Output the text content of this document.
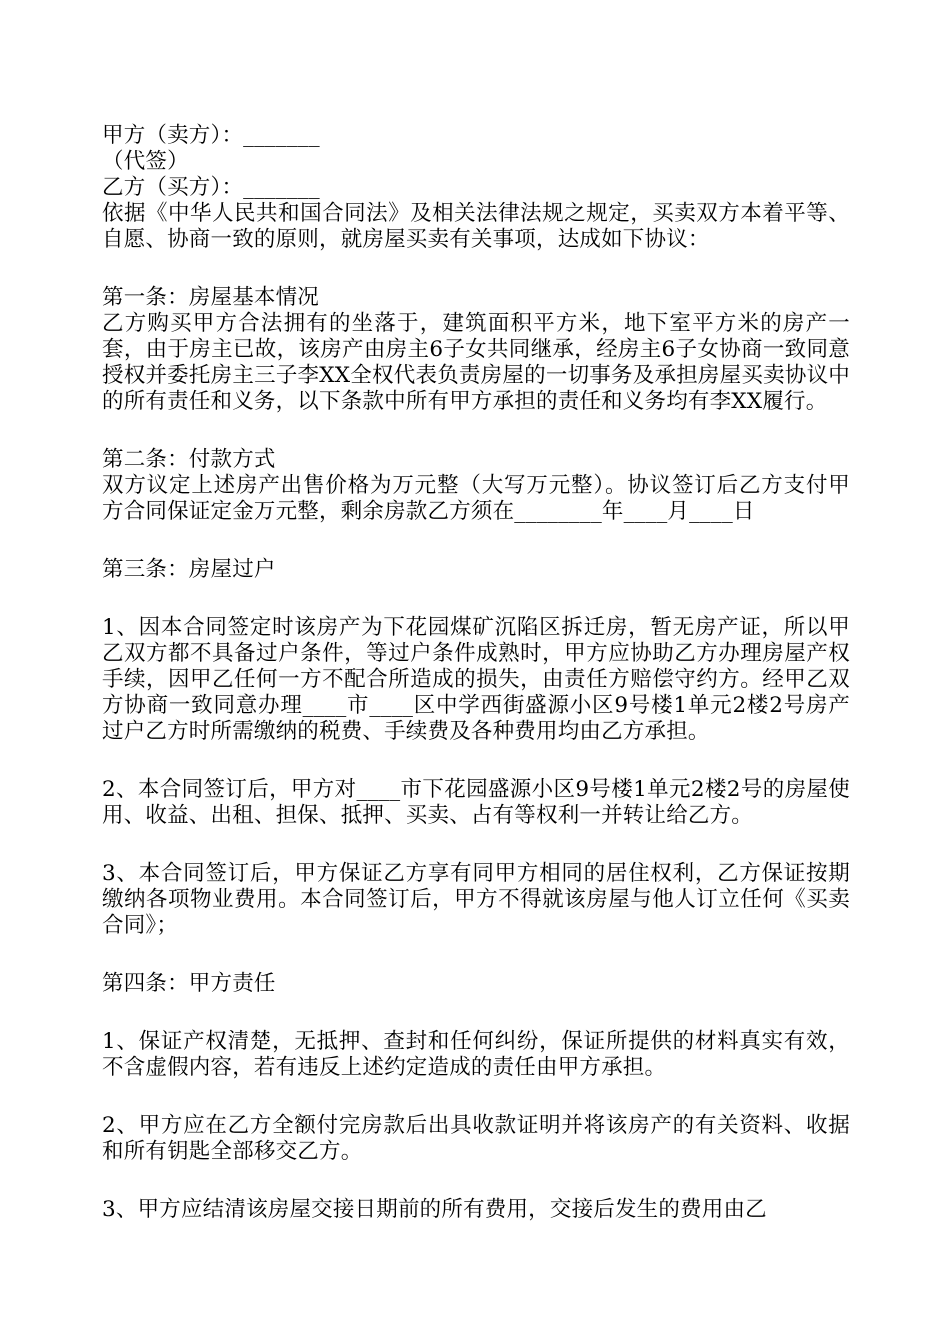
甲方（卖方）：_______
（代签）
乙方（买方）：_______
依据《中华人民共和国合同法》及相关法律法规之规定，买卖双方本着平等、自愿、协商一致的原则，就房屋买卖有关事项，达成如下协议：
第一条：房屋基本情况
乙方购买甲方合法拥有的坐落于，建筑面积平方米，地下室平方米的房产一套，由于房主已故，该房产由房主6子女共同继承，经房主6子女协商一致同意授权并委托房主三子李XX全权代表负责房屋的一切事务及承担房屋买卖协议中的所有责任和义务，以下条款中所有甲方承担的责任和义务均有李XX履行。
第二条：付款方式
双方议定上述房产出售价格为万元整（大写万元整）。协议签订后乙方支付甲方合同保证定金万元整，剩余房款乙方须在________年____月____日
第三条：房屋过户
1、因本合同签定时该房产为下花园煤矿沉陷区拆迁房，暂无房产证，所以甲乙双方都不具备过户条件，等过户条件成熟时，甲方应协助乙方办理房屋产权手续，因甲乙任何一方不配合所造成的损失，由责任方赔偿守约方。经甲乙双方协商一致同意办理____市____区中学西街盛源小区9号楼1单元2楼2号房产过户乙方时所需缴纳的税费、手续费及各种费用均由乙方承担。
2、本合同签订后，甲方对____市下花园盛源小区9号楼1单元2楼2号的房屋使用、收益、出租、担保、抵押、买卖、占有等权利一并转让给乙方。
3、本合同签订后，甲方保证乙方享有同甲方相同的居住权利，乙方保证按期缴纳各项物业费用。本合同签订后，甲方不得就该房屋与他人订立任何《买卖合同》；
第四条：甲方责任
1、保证产权清楚，无抵押、查封和任何纠纷，保证所提供的材料真实有效，不含虚假内容，若有违反上述约定造成的责任由甲方承担。
2、甲方应在乙方全额付完房款后出具收款证明并将该房产的有关资料、收据和所有钥匙全部移交乙方。
3、甲方应结清该房屋交接日期前的所有费用，交接后发生的费用由乙
